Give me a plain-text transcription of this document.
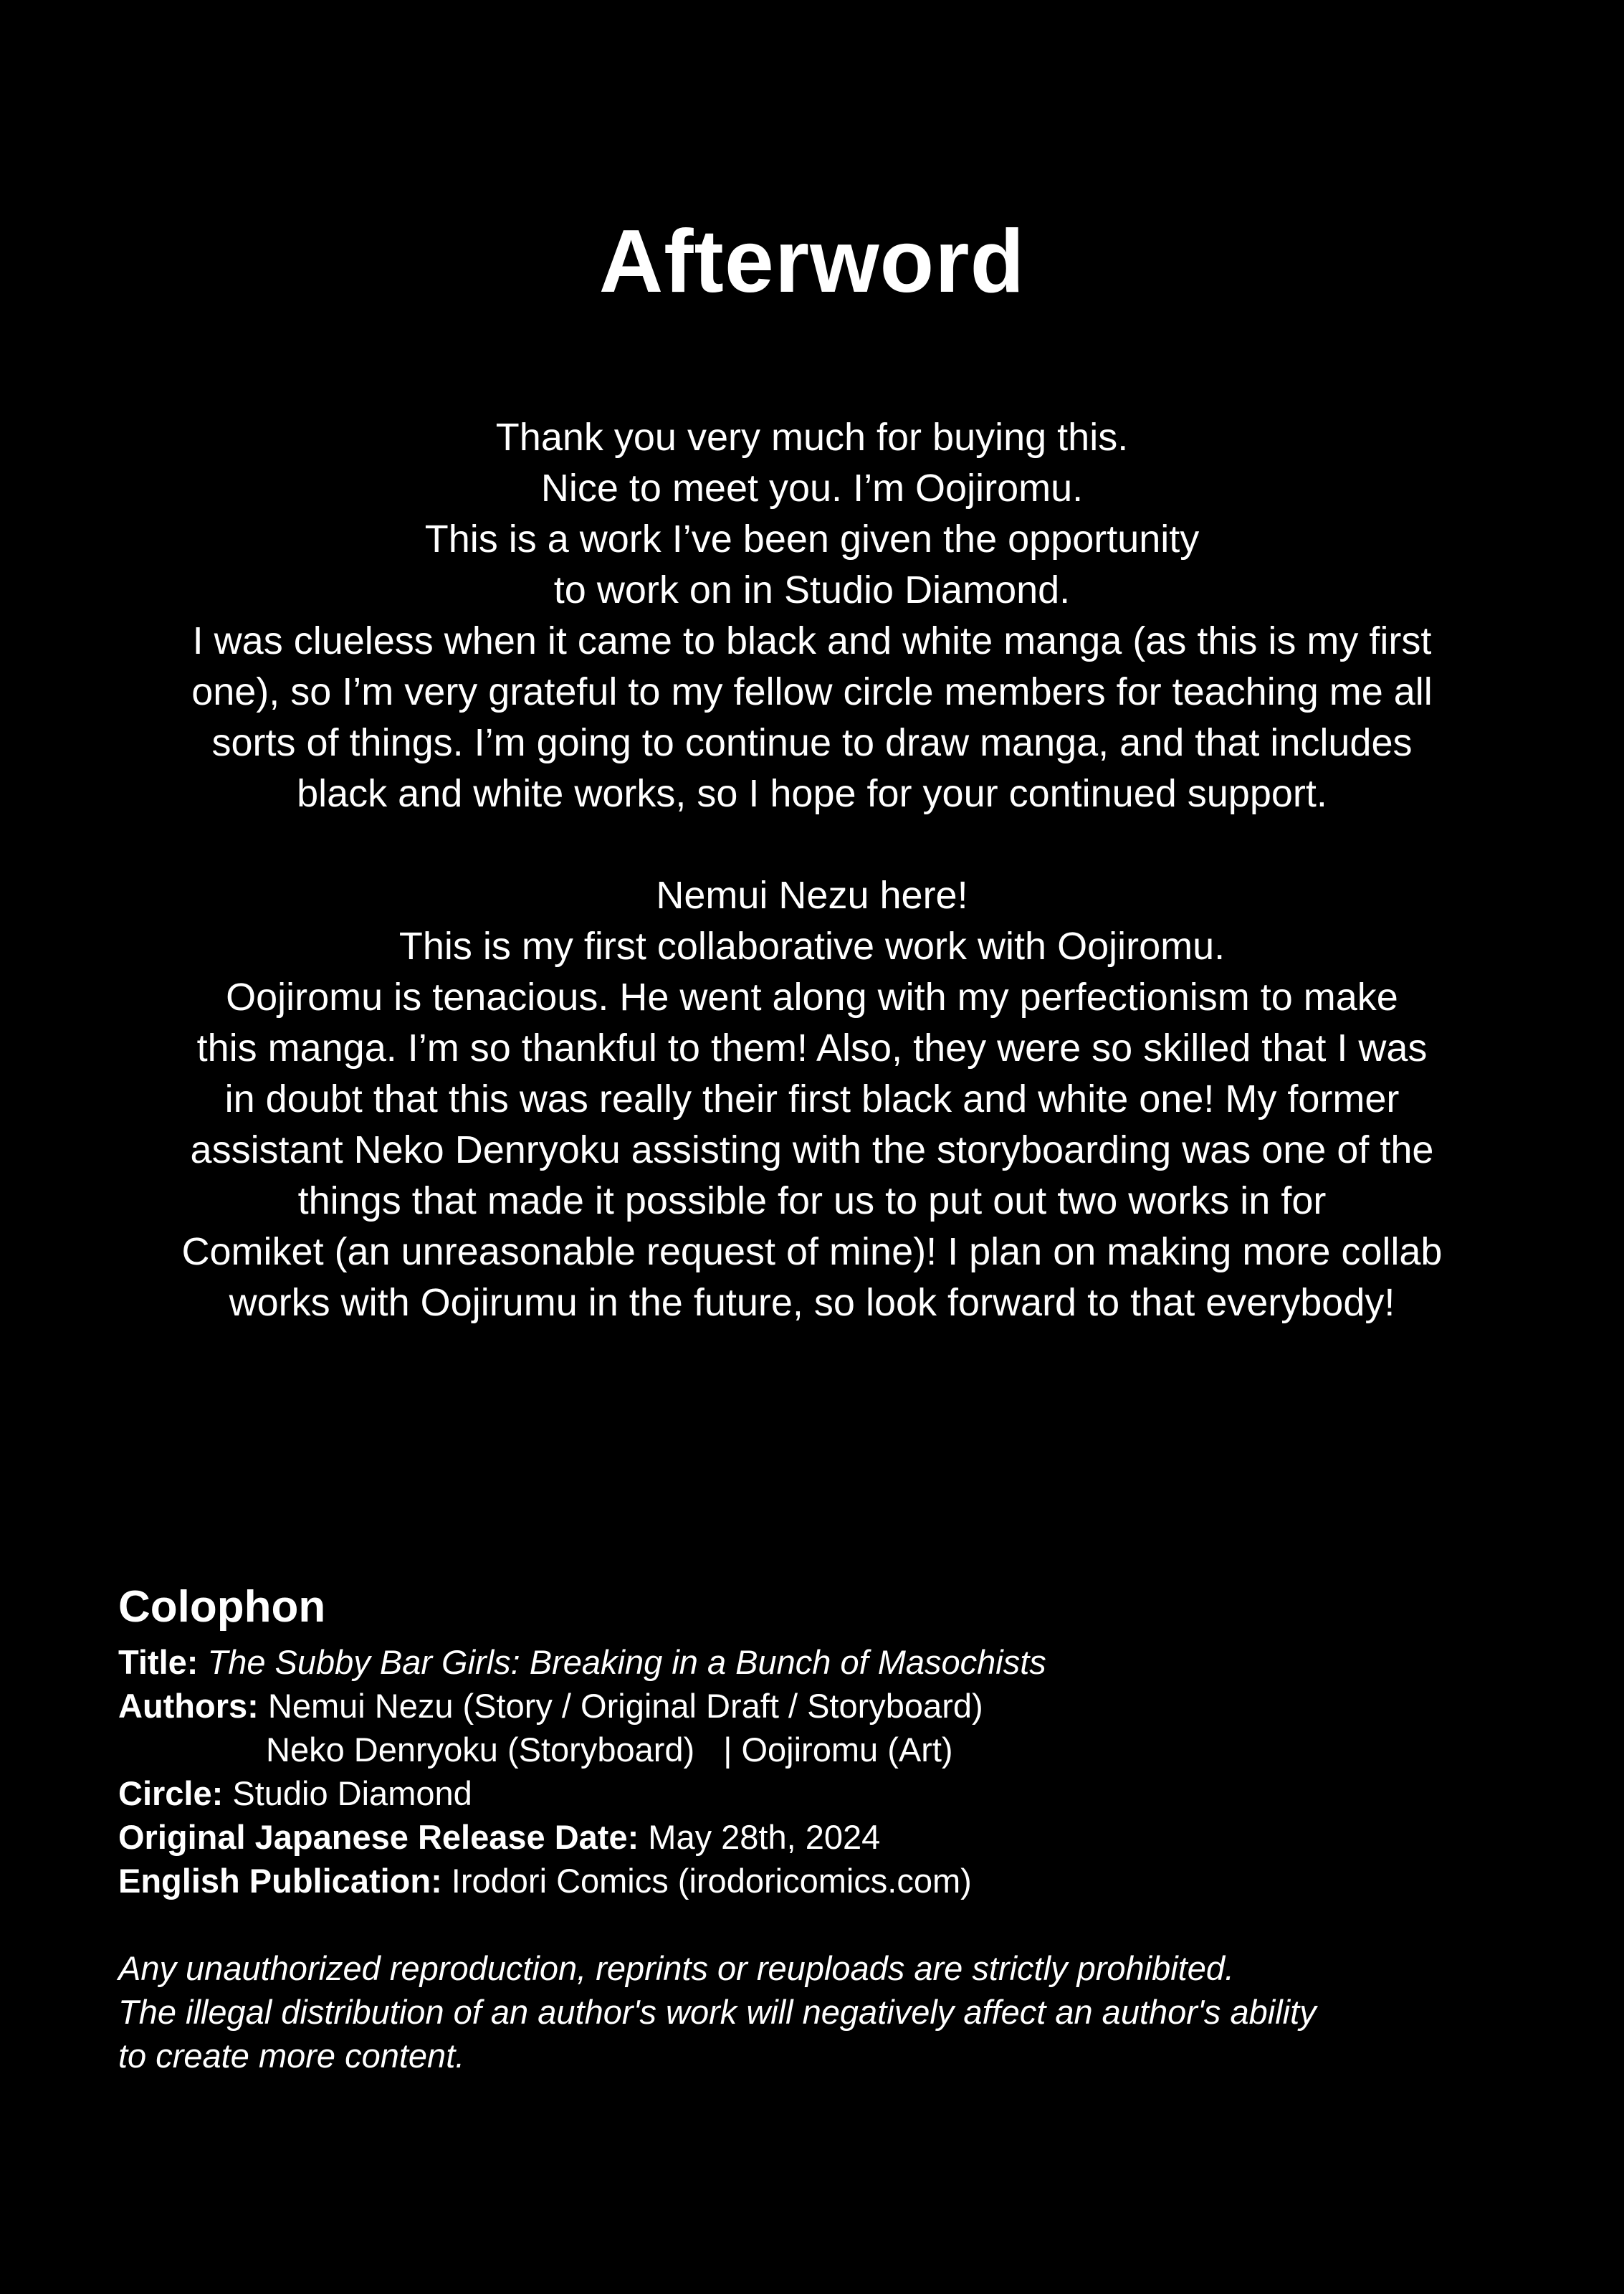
Afterword
Thank you very much for buying this.
Nice to meet you. I’m Oojiromu.
This is a work I’ve been given the opportunity
to work on in Studio Diamond.
I was clueless when it came to black and white manga (as this is my first
one), so I’m very grateful to my fellow circle members for teaching me all
sorts of things. I’m going to continue to draw manga, and that includes
black and white works, so I hope for your continued support.
Nemui Nezu here!
This is my first collaborative work with Oojiromu.
Oojiromu is tenacious. He went along with my perfectionism to make
this manga. I’m so thankful to them! Also, they were so skilled that I was
in doubt that this was really their first black and white one! My former
assistant Neko Denryoku assisting with the storyboarding was one of the
things that made it possible for us to put out two works in for
Comiket (an unreasonable request of mine)! I plan on making more collab
works with Oojirumu in the future, so look forward to that everybody!
Colophon
Title: The Subby Bar Girls: Breaking in a Bunch of Masochists
Authors: Nemui Nezu (Story / Original Draft / Storyboard)
Neko Denryoku (Storyboard) | Oojiromu (Art)
Circle: Studio Diamond
Original Japanese Release Date: May 28th, 2024
English Publication: Irodori Comics (irodoricomics.com)
Any unauthorized reproduction, reprints or reuploads are strictly prohibited.
The illegal distribution of an author's work will negatively affect an author's ability
to create more content.
